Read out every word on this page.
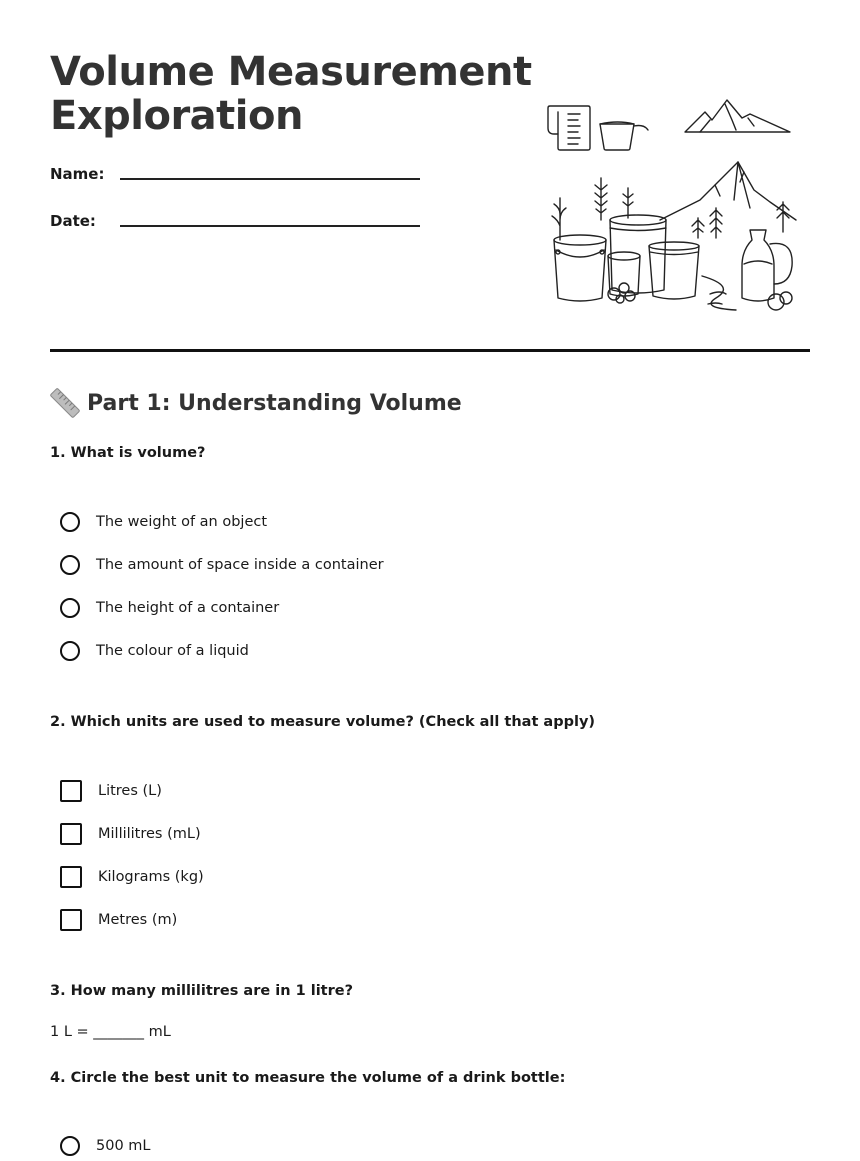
Volume Measurement
Exploration
Name:
Date:
Part 1: Understanding Volume

1. What is volume?

The weight of an object
The amount of space inside a container
The height of a container
The colour of a liquid

2. Which units are used to measure volume? (Check all that apply)

Litres (L)
Millilitres (mL)
Kilograms (kg)
Metres (m)

3. How many millilitres are in 1 litre?

1 L = _______ mL

4. Circle the best unit to measure the volume of a drink bottle:

500 mL
